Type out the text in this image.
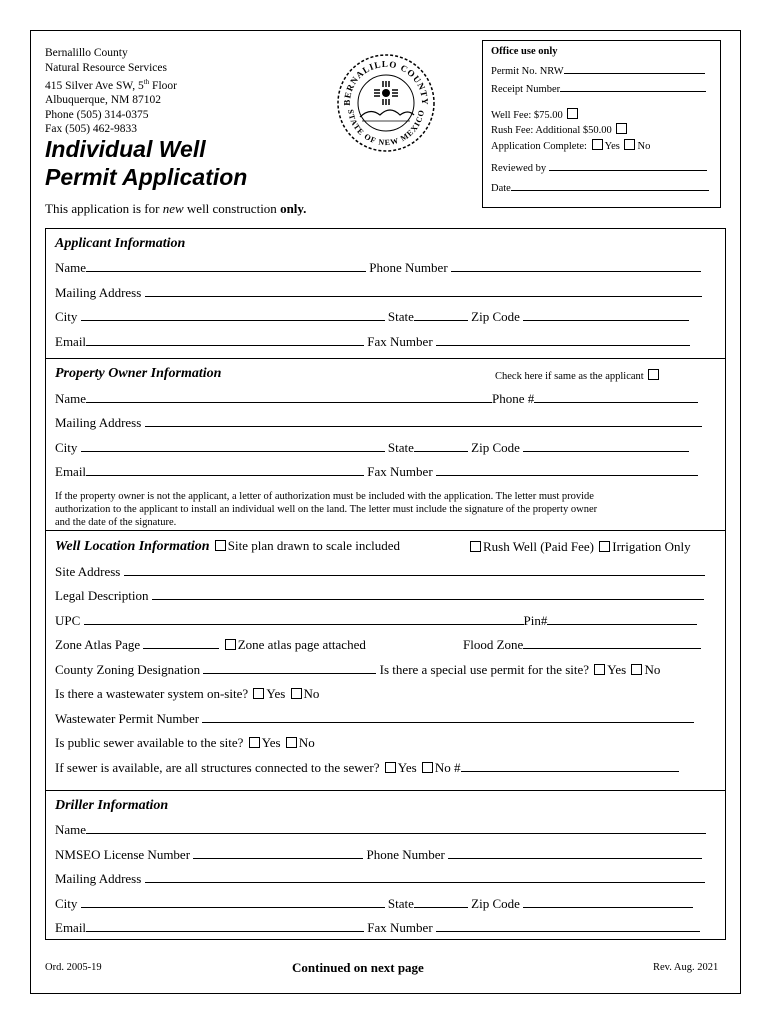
Bernalillo County
Natural Resource Services
415 Silver Ave SW, 5th Floor
Albuquerque, NM 87102
Phone (505) 314-0375
Fax (505) 462-9833
Individual Well
Permit Application
This application is for new well construction only.
BERNALILLO COUNTY
STATE OF NEW MEXICO
Office use only
Permit No. NRW
Receipt Number
Well Fee: $75.00
Rush Fee: Additional $50.00
Application Complete: Yes No
Reviewed by
Date
Applicant Information
Name	Phone Number
Mailing Address
City	State	Zip Code
Email	Fax Number
Property Owner Information	Check here if same as the applicant
Name	Phone #
Mailing Address
City	State	Zip Code
Email	Fax Number
If the property owner is not the applicant, a letter of authorization must be included with the application. The letter must provide
authorization to the applicant to install an individual well on the land. The letter must include the signature of the property owner
and the date of the signature.
Well Location Information Site plan drawn to scale included	Rush Well (Paid Fee) Irrigation Only
Site Address
Legal Description
UPC	Pin#
Zone Atlas Page	Zone atlas page attached	Flood Zone
County Zoning Designation	Is there a special use permit for the site? Yes No
Is there a wastewater system on-site? Yes No
Wastewater Permit Number
Is public sewer available to the site? Yes No
If sewer is available, are all structures connected to the sewer? Yes No #
Driller Information
Name
NMSEO License Number	Phone Number
Mailing Address
City	State	Zip Code
Email	Fax Number
Ord. 2005-19	Continued on next page	Rev. Aug. 2021
